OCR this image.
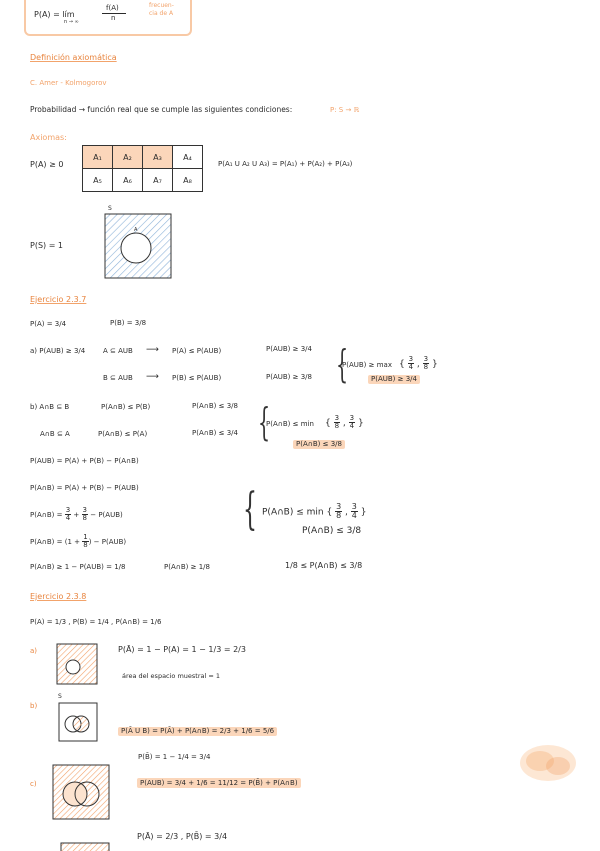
P(A) = lím
n → ∞
f(A)
n
frecuen-
cia de A
Definición axiomática
C. Amer - Kolmogorov
Probabilidad → función real que se cumple las siguientes condiciones:	P: S → ℝ
Axiomas:
P(A) ≥ 0
A₁	A₂	A₃	A₄
A₅	A₆	A₇	A₈
P(A₁ U A₂ U A₃) = P(A₁) + P(A₂) + P(A₃)
S
A
P(S) = 1
Ejercicio 2.3.7
P(A) = 3/4	P(B) = 3/8
a) P(AUB) ≥ 3/4	A ⊆ AUB ⟶ P(A) ≤ P(AUB)	P(AUB) ≥ 3/4
B ⊆ AUB ⟶ P(B) ≤ P(AUB)	P(AUB) ≥ 3/8 {
P(AUB) ≥ max { $\frac{3}{4}$ , $\frac{3}{8}$ }
P(AUB) ≥ 3/4
b) A∩B ⊆ B	P(A∩B) ≤ P(B)	P(A∩B) ≤ 3/8
A∩B ⊆ A	P(A∩B) ≤ P(A)	P(A∩B) ≤ 3/4 {
P(A∩B) ≤ min { $\frac{3}{8}$ , $\frac{3}{4}$ }
P(A∩B) ≤ 3/8
P(AUB) = P(A) + P(B) − P(A∩B)
P(A∩B) = P(A) + P(B) − P(AUB)
P(A∩B) = $\frac{3}{4} + \frac{3}{8} - P(AUB)$
P(A∩B) = ($1 + \frac{1}{8}$ ) − P(AUB)
P(A∩B) ≥ 1 − P(AUB) = 1/8	P(A∩B) ≥ 1/8
{ P(A∩B) ≤ min { $\frac{3}{8}$ , $\frac{3}{4}$ }
P(A∩B) ≤ 3/8
1/8 ≤ P(A∩B) ≤ 3/8
Ejercicio 2.3.8
P(A) = 1/3 , P(B) = 1/4 , P(A∩B) = 1/6
a)	P(Ā) = 1 − P(A) = 1 − 1/3 = 2/3
área del espacio muestral = 1
S
b)
P(Ā U B) = P(Ā) + P(A∩B) = 2/3 + 1/6 = 5/6
P(B̄) = 1 − 1/4 = 3/4
c)	P(AUB) = 3/4 + 1/6 = 11/12 = P(B̄) + P(A∩B)
P(Ā) = 2/3 , P(B̄) = 3/4
